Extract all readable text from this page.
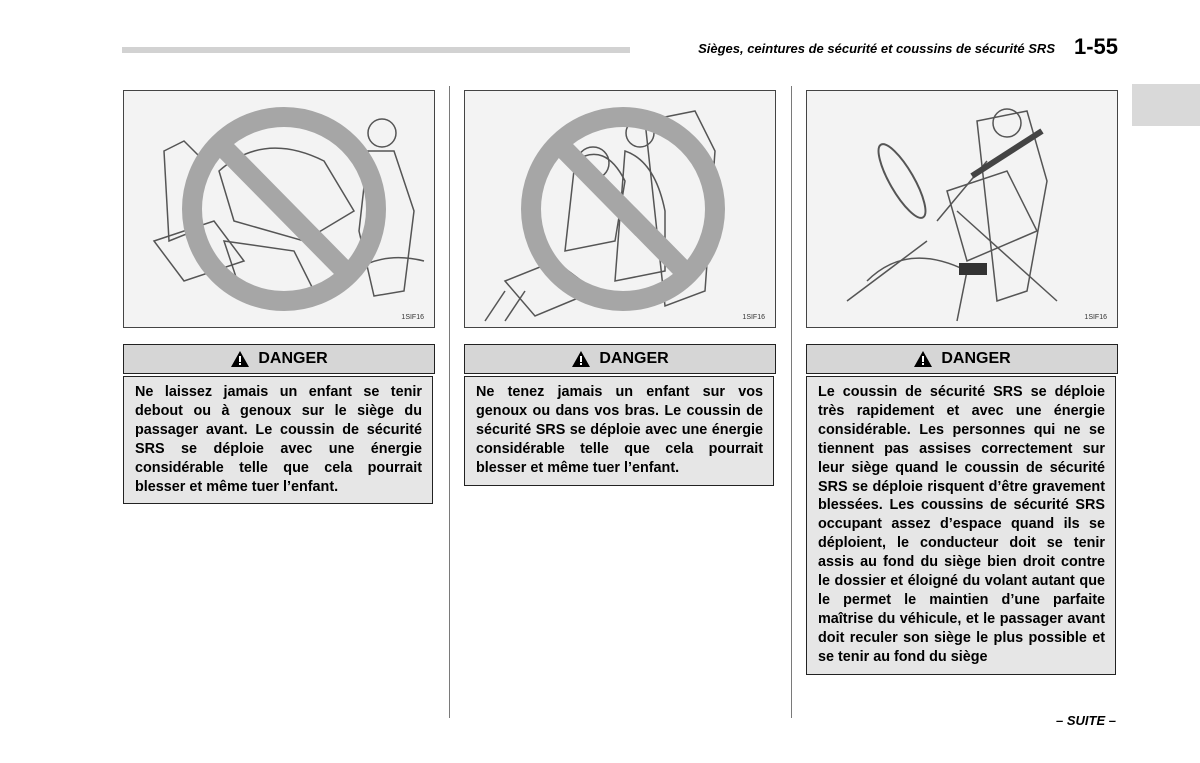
Sièges, ceintures de sécurité et coussins de sécurité SRS 1-55
1SIF16
DANGER

Ne laissez jamais un enfant se tenir debout ou à genoux sur le siège du passager avant. Le coussin de sécurité SRS se déploie avec une énergie considérable telle que cela pourrait blesser et même tuer l’enfant.

1SIF16
DANGER

Ne tenez jamais un enfant sur vos genoux ou dans vos bras. Le coussin de sécurité SRS se déploie avec une énergie considérable telle que cela pourrait blesser et même tuer l’enfant.

1SIF16
DANGER

Le coussin de sécurité SRS se déploie très rapidement et avec une énergie considérable. Les personnes qui ne se tiennent pas assises correctement sur leur siège quand le coussin de sécurité SRS se déploie risquent d’être gravement blessées. Les coussins de sécurité SRS occupant assez d’espace quand ils se déploient, le conducteur doit se tenir assis au fond du siège bien droit contre le dossier et éloigné du volant autant que le permet le maintien d’une parfaite maîtrise du véhicule, et le passager avant doit reculer son siège le plus possible et se tenir au fond du siège

– SUITE –
